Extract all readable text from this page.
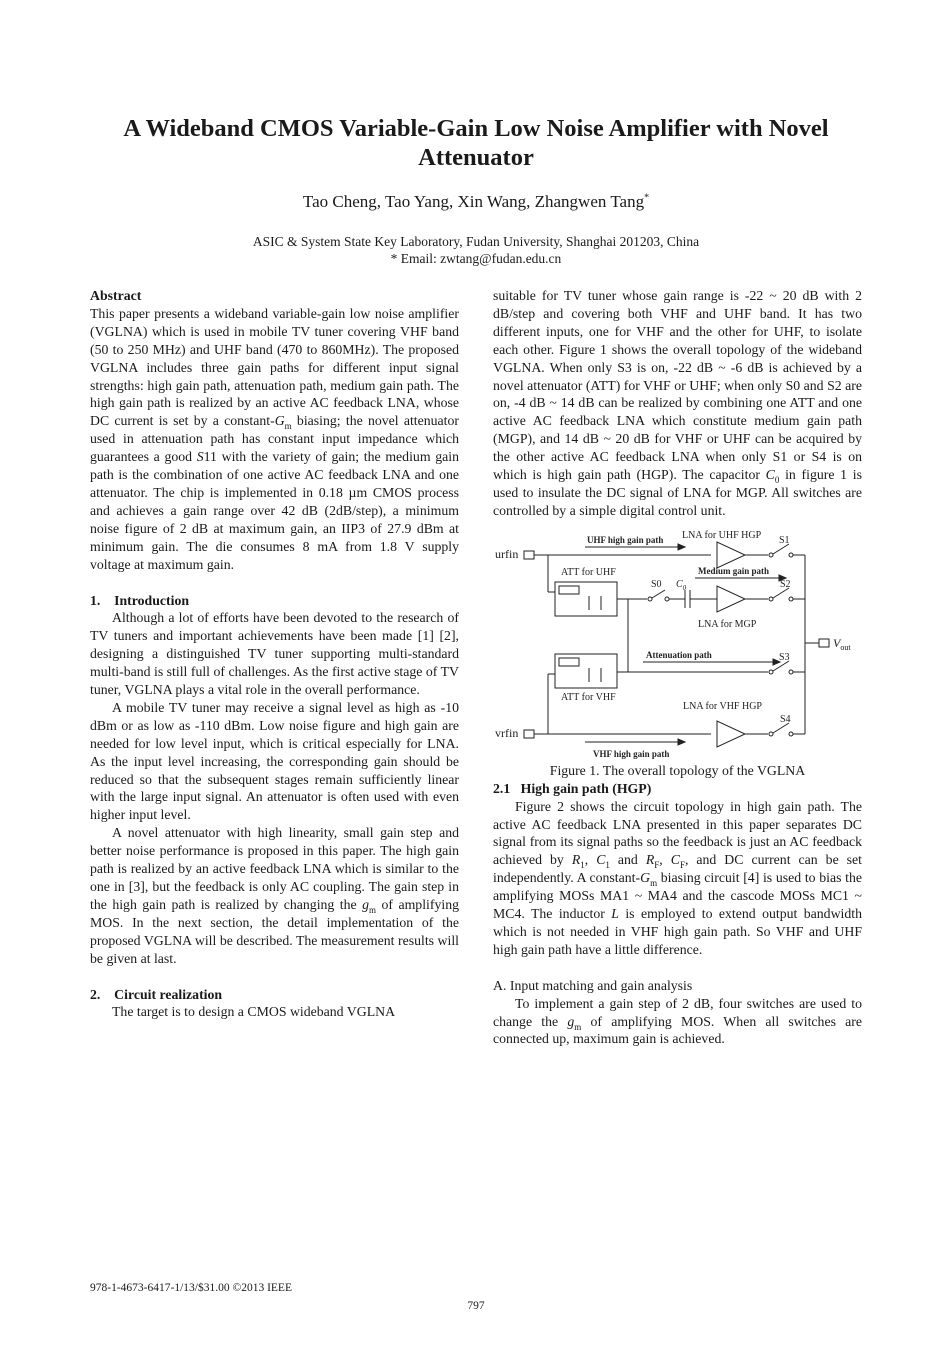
A Wideband CMOS Variable-Gain Low Noise Amplifier with Novel Attenuator
Tao Cheng, Tao Yang, Xin Wang, Zhangwen Tang*
ASIC & System State Key Laboratory, Fudan University, Shanghai 201203, China
* Email: zwtang@fudan.edu.cn

Abstract

This paper presents a wideband variable-gain low noise amplifier (VGLNA) which is used in mobile TV tuner covering VHF band (50 to 250 MHz) and UHF band (470 to 860MHz). The proposed VGLNA includes three gain paths for different input signal strengths: high gain path, attenuation path, medium gain path. The high gain path is realized by an active AC feedback LNA, whose DC current is set by a constant-$G_m$ biasing; the novel attenuator used in attenuation path has constant input impedance which guarantees a good S11 with the variety of gain; the medium gain path is the combination of one active AC feedback LNA and one attenuator. The chip is implemented in 0.18 µm CMOS process and achieves a gain range over 42 dB (2dB/step), a minimum noise figure of 2 dB at maximum gain, an IIP3 of 27.9 dBm at minimum gain. The die consumes 8 mA from 1.8 V supply voltage at maximum gain.

1.    Introduction

Although a lot of efforts have been devoted to the research of TV tuners and important achievements have been made [1] [2], designing a distinguished TV tuner supporting multi-standard multi-band is still full of challenges. As the first active stage of TV tuner, VGLNA plays a vital role in the overall performance.

A mobile TV tuner may receive a signal level as high as -10 dBm or as low as -110 dBm. Low noise figure and high gain are needed for low level input, which is critical especially for LNA. As the input level increasing, the corresponding gain should be reduced so that the subsequent stages remain sufficiently linear with the large input signal. An attenuator is often used with even higher input level.

A novel attenuator with high linearity, small gain step and better noise performance is proposed in this paper. The high gain path is realized by an active feedback LNA which is similar to the one in [3], but the feedback is only AC coupling. The gain step in the high gain path is realized by changing the $g_m$ of amplifying MOS. In the next section, the detail implementation of the proposed VGLNA will be described. The measurement results will be given at last.

2.    Circuit realization

The target is to design a CMOS wideband VGLNA

suitable for TV tuner whose gain range is -22 ~ 20 dB with 2 dB/step and covering both VHF and UHF band. It has two different inputs, one for VHF and the other for UHF, to isolate each other. Figure 1 shows the overall topology of the wideband VGLNA. When only S3 is on, -22 dB ~ -6 dB is achieved by a novel attenuator (ATT) for VHF or UHF; when only S0 and S2 are on, -4 dB ~ 14 dB can be realized by combining one ATT and one active AC feedback LNA which constitute medium gain path (MGP), and 14 dB ~ 20 dB for VHF or UHF can be acquired by the other active AC feedback LNA when only S1 or S4 is on which is high gain path (HGP). The capacitor $C_0$ in figure 1 is used to insulate the DC signal of LNA for MGP. All switches are controlled by a simple digital control unit.

urfin
vrfin
UHF high gain path LNA for UHF HGP S1
ATT for UHF	Medium gain path
S0 $C_0$	S2
LNA for MGP
$V_{out}$
Attenuation path	S3
ATT for VHF
LNA for VHF HGP
S4
VHF high gain path

Figure 1. The overall topology of the VGLNA

2.1   High gain path (HGP)

Figure 2 shows the circuit topology in high gain path. The active AC feedback LNA presented in this paper separates DC signal from its signal paths so the feedback is just an AC feedback achieved by $R_1$, $C_1$ and $R_F$, $C_F$, and DC current can be set independently. A constant-$G_m$ biasing circuit [4] is used to bias the amplifying MOSs MA1 ~ MA4 and the cascode MOSs MC1 ~ MC4. The inductor L is employed to extend output bandwidth which is not needed in VHF high gain path. So VHF and UHF high gain path have a little difference.

A. Input matching and gain analysis

To implement a gain step of 2 dB, four switches are used to change the $g_m$ of amplifying MOS. When all switches are connected up, maximum gain is achieved.

978-1-4673-6417-1/13/$31.00 ©2013 IEEE
797
